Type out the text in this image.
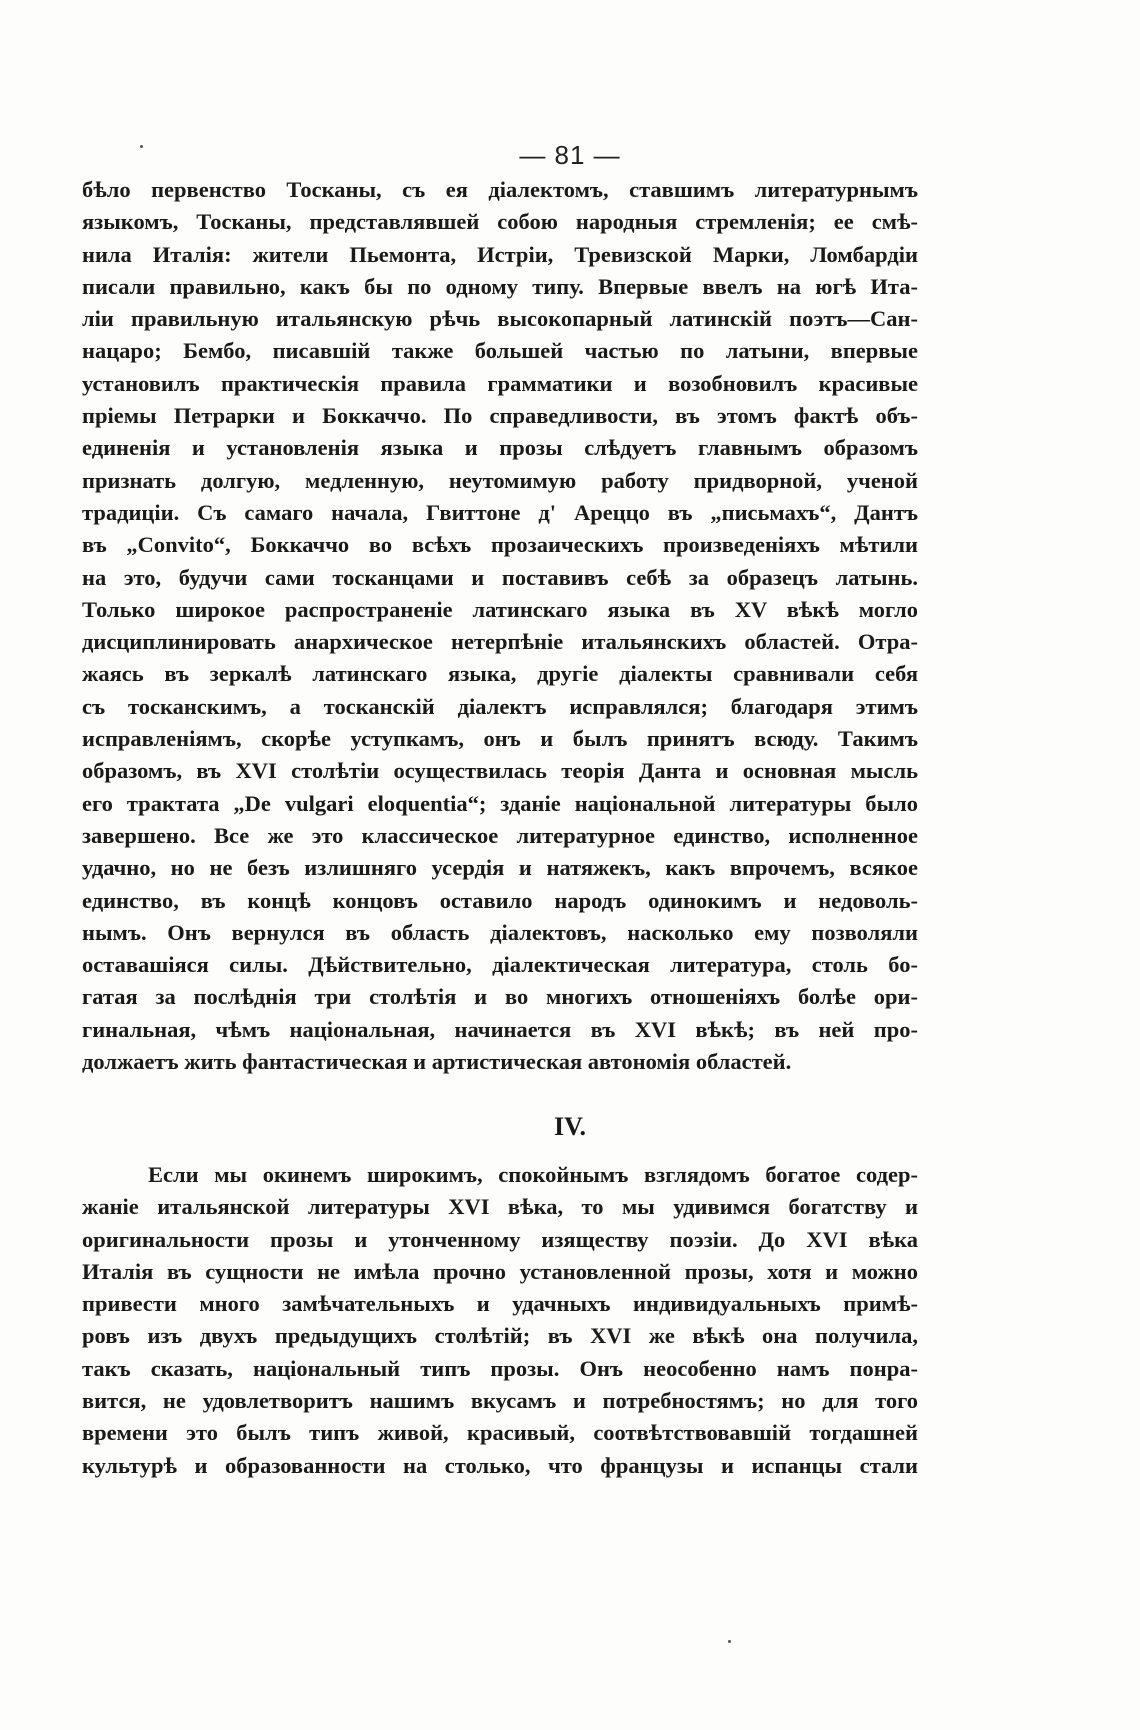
— 81 —
бѣло первенство Тосканы, съ ея діалектомъ, ставшимъ литературнымъ
языкомъ, Тосканы, представлявшей собою народныя стремленія; ее смѣ-
нила Италія: жители Пьемонта, Истріи, Тревизской Марки, Ломбардіи
писали правильно, какъ бы по одному типу. Впервые ввелъ на югѣ Ита-
ліи правильную итальянскую рѣчь высокопарный латинскій поэтъ—Сан-
нацаро; Бембо, писавшій также большей частью по латыни, впервые
установилъ практическія правила грамматики и возобновилъ красивые
пріемы Петрарки и Боккаччо. По справедливости, въ этомъ фактѣ объ-
единенія и установленія языка и прозы слѣдуетъ главнымъ образомъ
признать долгую, медленную, неутомимую работу придворной, ученой
традиціи. Съ самаго начала, Гвиттоне д' Ареццо въ „письмахъ“, Дантъ
въ „Convito“, Боккаччо во всѣхъ прозаическихъ произведеніяхъ мѣтили
на это, будучи сами тосканцами и поставивъ себѣ за образецъ латынь.
Только широкое распространеніе латинскаго языка въ XV вѣкѣ могло
дисциплинировать анархическое нетерпѣніе итальянскихъ областей. Отра-
жаясь въ зеркалѣ латинскаго языка, другіе діалекты сравнивали себя
съ тосканскимъ, а тосканскій діалектъ исправлялся; благодаря этимъ
исправленіямъ, скорѣе уступкамъ, онъ и былъ принятъ всюду. Такимъ
образомъ, въ XVI столѣтіи осуществилась теорія Данта и основная мысль
его трактата „De vulgari eloquentia“; зданіе національной литературы было
завершено. Все же это классическое литературное единство, исполненное
удачно, но не безъ излишняго усердія и натяжекъ, какъ впрочемъ, всякое
единство, въ концѣ концовъ оставило народъ одинокимъ и недоволь-
нымъ. Онъ вернулся въ область діалектовъ, насколько ему позволяли
оставашіяся силы. Дѣйствительно, діалектическая литература, столь бо-
гатая за послѣднія три столѣтія и во многихъ отношеніяхъ болѣе ори-
гинальная, чѣмъ національная, начинается въ XVI вѣкѣ; въ ней про-
должаетъ жить фантастическая и артистическая автономія областей.
IV.
Если мы окинемъ широкимъ, спокойнымъ взглядомъ богатое содер-
жаніе итальянской литературы XVI вѣка, то мы удивимся богатству и
оригинальности прозы и утонченному изяществу поэзіи. До XVI вѣка
Италія въ сущности не имѣла прочно установленной прозы, хотя и можно
привести много замѣчательныхъ и удачныхъ индивидуальныхъ примѣ-
ровъ изъ двухъ предыдущихъ столѣтій; въ XVI же вѣкѣ она получила,
такъ сказать, національный типъ прозы. Онъ неособенно намъ понра-
вится, не удовлетворитъ нашимъ вкусамъ и потребностямъ; но для того
времени это былъ типъ живой, красивый, соотвѣтствовавшій тогдашней
культурѣ и образованности на столько, что французы и испанцы стали
